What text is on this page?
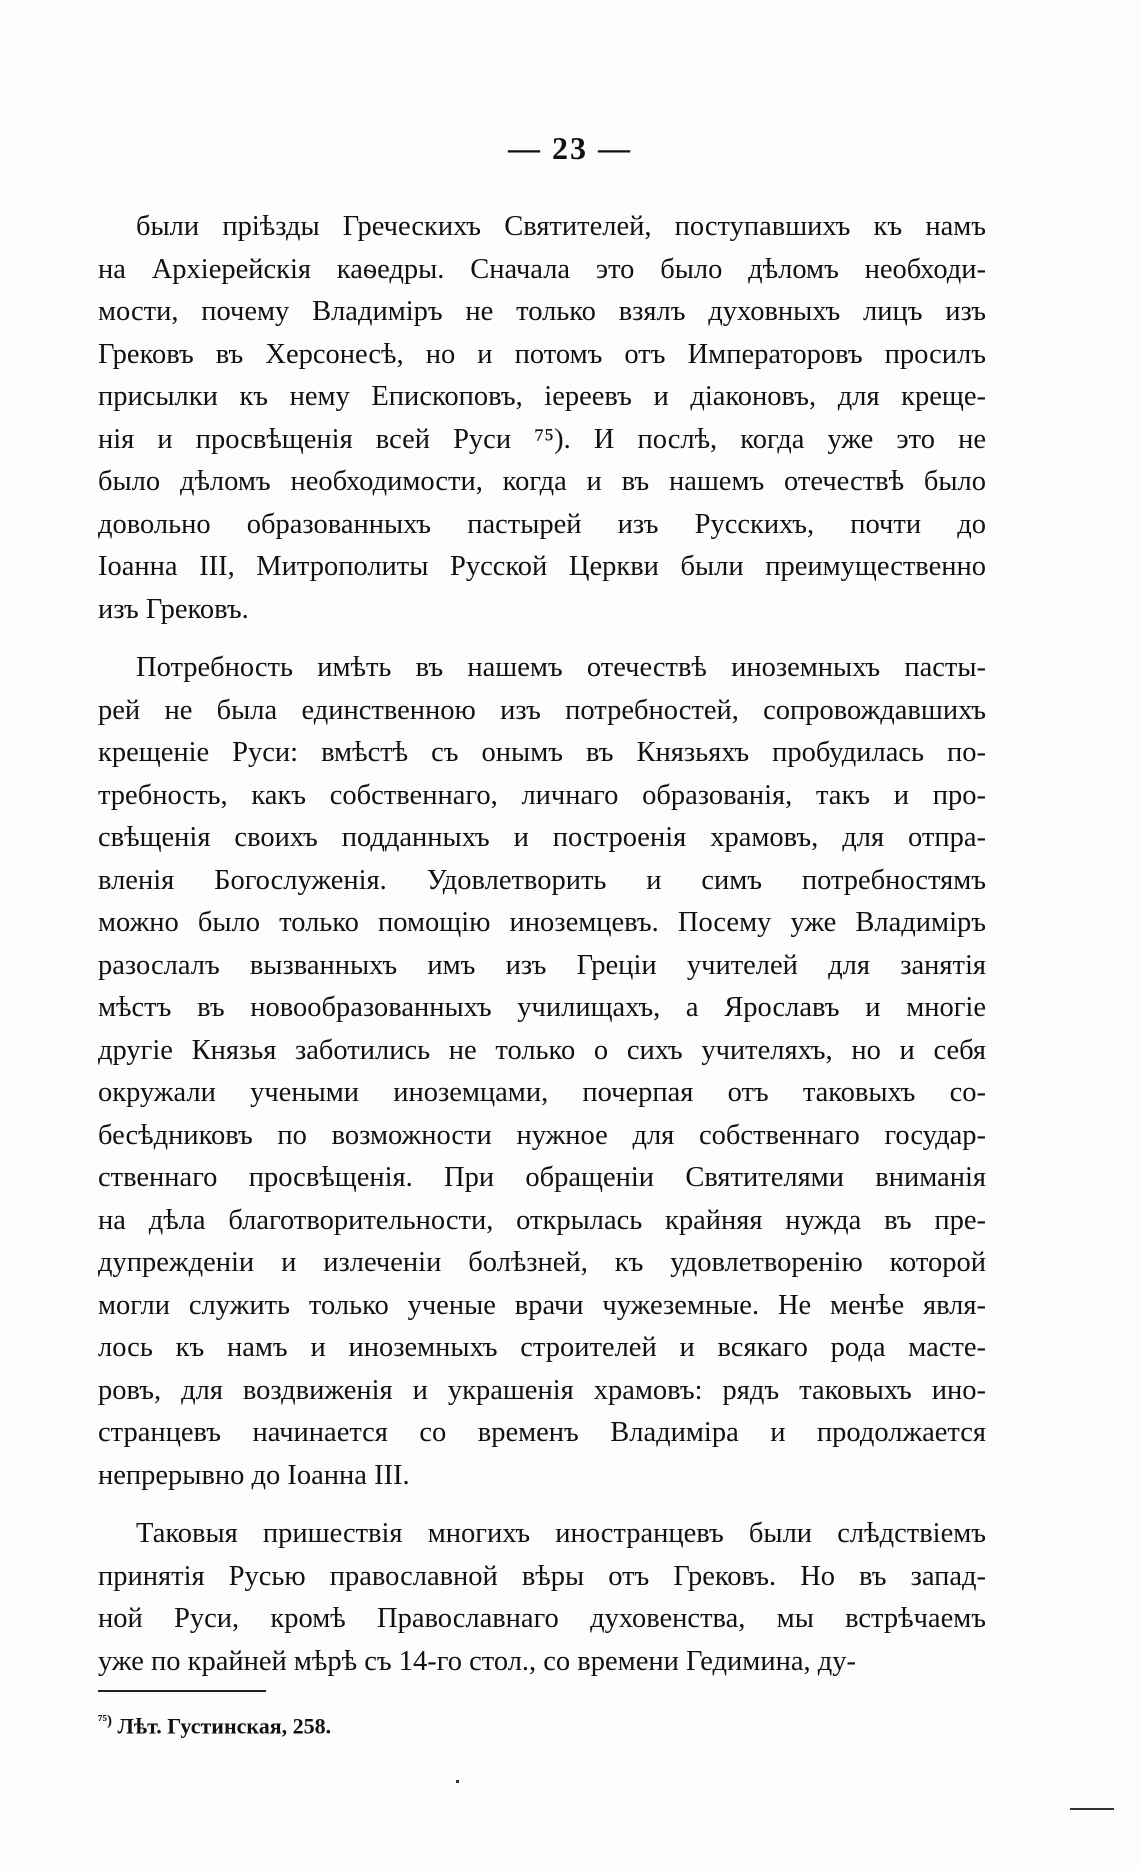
— 23 —
были прiѣзды Греческихъ Святителей, поступавшихъ къ намъ
на Архiерейскiя каѳедры. Сначала это было дѣломъ необходи-
мости, почему Владимiръ не только взялъ духовныхъ лицъ изъ
Грековъ въ Херсонесѣ, но и потомъ отъ Императоровъ просилъ
присылки къ нему Епископовъ, iереевъ и дiаконовъ, для креще-
нiя и просвѣщенiя всей Руси ⁷⁵). И послѣ, когда уже это не
было дѣломъ необходимости, когда и въ нашемъ отечествѣ было
довольно образованныхъ пастырей изъ Русскихъ, почти до
Iоанна III, Митрополиты Русской Церкви были преимущественно
изъ Грековъ.
Потребность имѣть въ нашемъ отечествѣ иноземныхъ пасты-
рей не была единственною изъ потребностей, сопровождавшихъ
крещенiе Руси: вмѣстѣ съ онымъ въ Князьяхъ пробудилась по-
требность, какъ собственнаго, личнаго образованiя, такъ и про-
свѣщенiя своихъ подданныхъ и построенiя храмовъ, для отпра-
вленiя Богослуженiя. Удовлетворить и симъ потребностямъ
можно было только помощiю иноземцевъ. Посему уже Владимiръ
разослалъ вызванныхъ имъ изъ Грецiи учителей для занятiя
мѣстъ въ новообразованныхъ училищахъ, а Ярославъ и многiе
другiе Князья заботились не только о сихъ учителяхъ, но и себя
окружали учеными иноземцами, почерпая отъ таковыхъ со-
бесѣдниковъ по возможности нужное для собственнаго государ-
ственнаго просвѣщенiя. При обращенiи Святителями вниманiя
на дѣла благотворительности, открылась крайняя нужда въ пре-
дупрежденiи и излеченiи болѣзней, къ удовлетворенiю которой
могли служить только ученые врачи чужеземные. Не менѣе явля-
лось къ намъ и иноземныхъ строителей и всякаго рода масте-
ровъ, для воздвиженiя и украшенiя храмовъ: рядъ таковыхъ ино-
странцевъ начинается со временъ Владимiра и продолжается
непрерывно до Iоанна III.
Таковыя пришествiя многихъ иностранцевъ были слѣдствiемъ
принятiя Русью православной вѣры отъ Грековъ. Но въ запад-
ной Руси, кромѣ Православнаго духовенства, мы встрѣчаемъ
уже по крайней мѣрѣ съ 14-го стол., со времени Гедимина, ду-
$^{^{75})}$ Лѣт. Густинская, 258.
